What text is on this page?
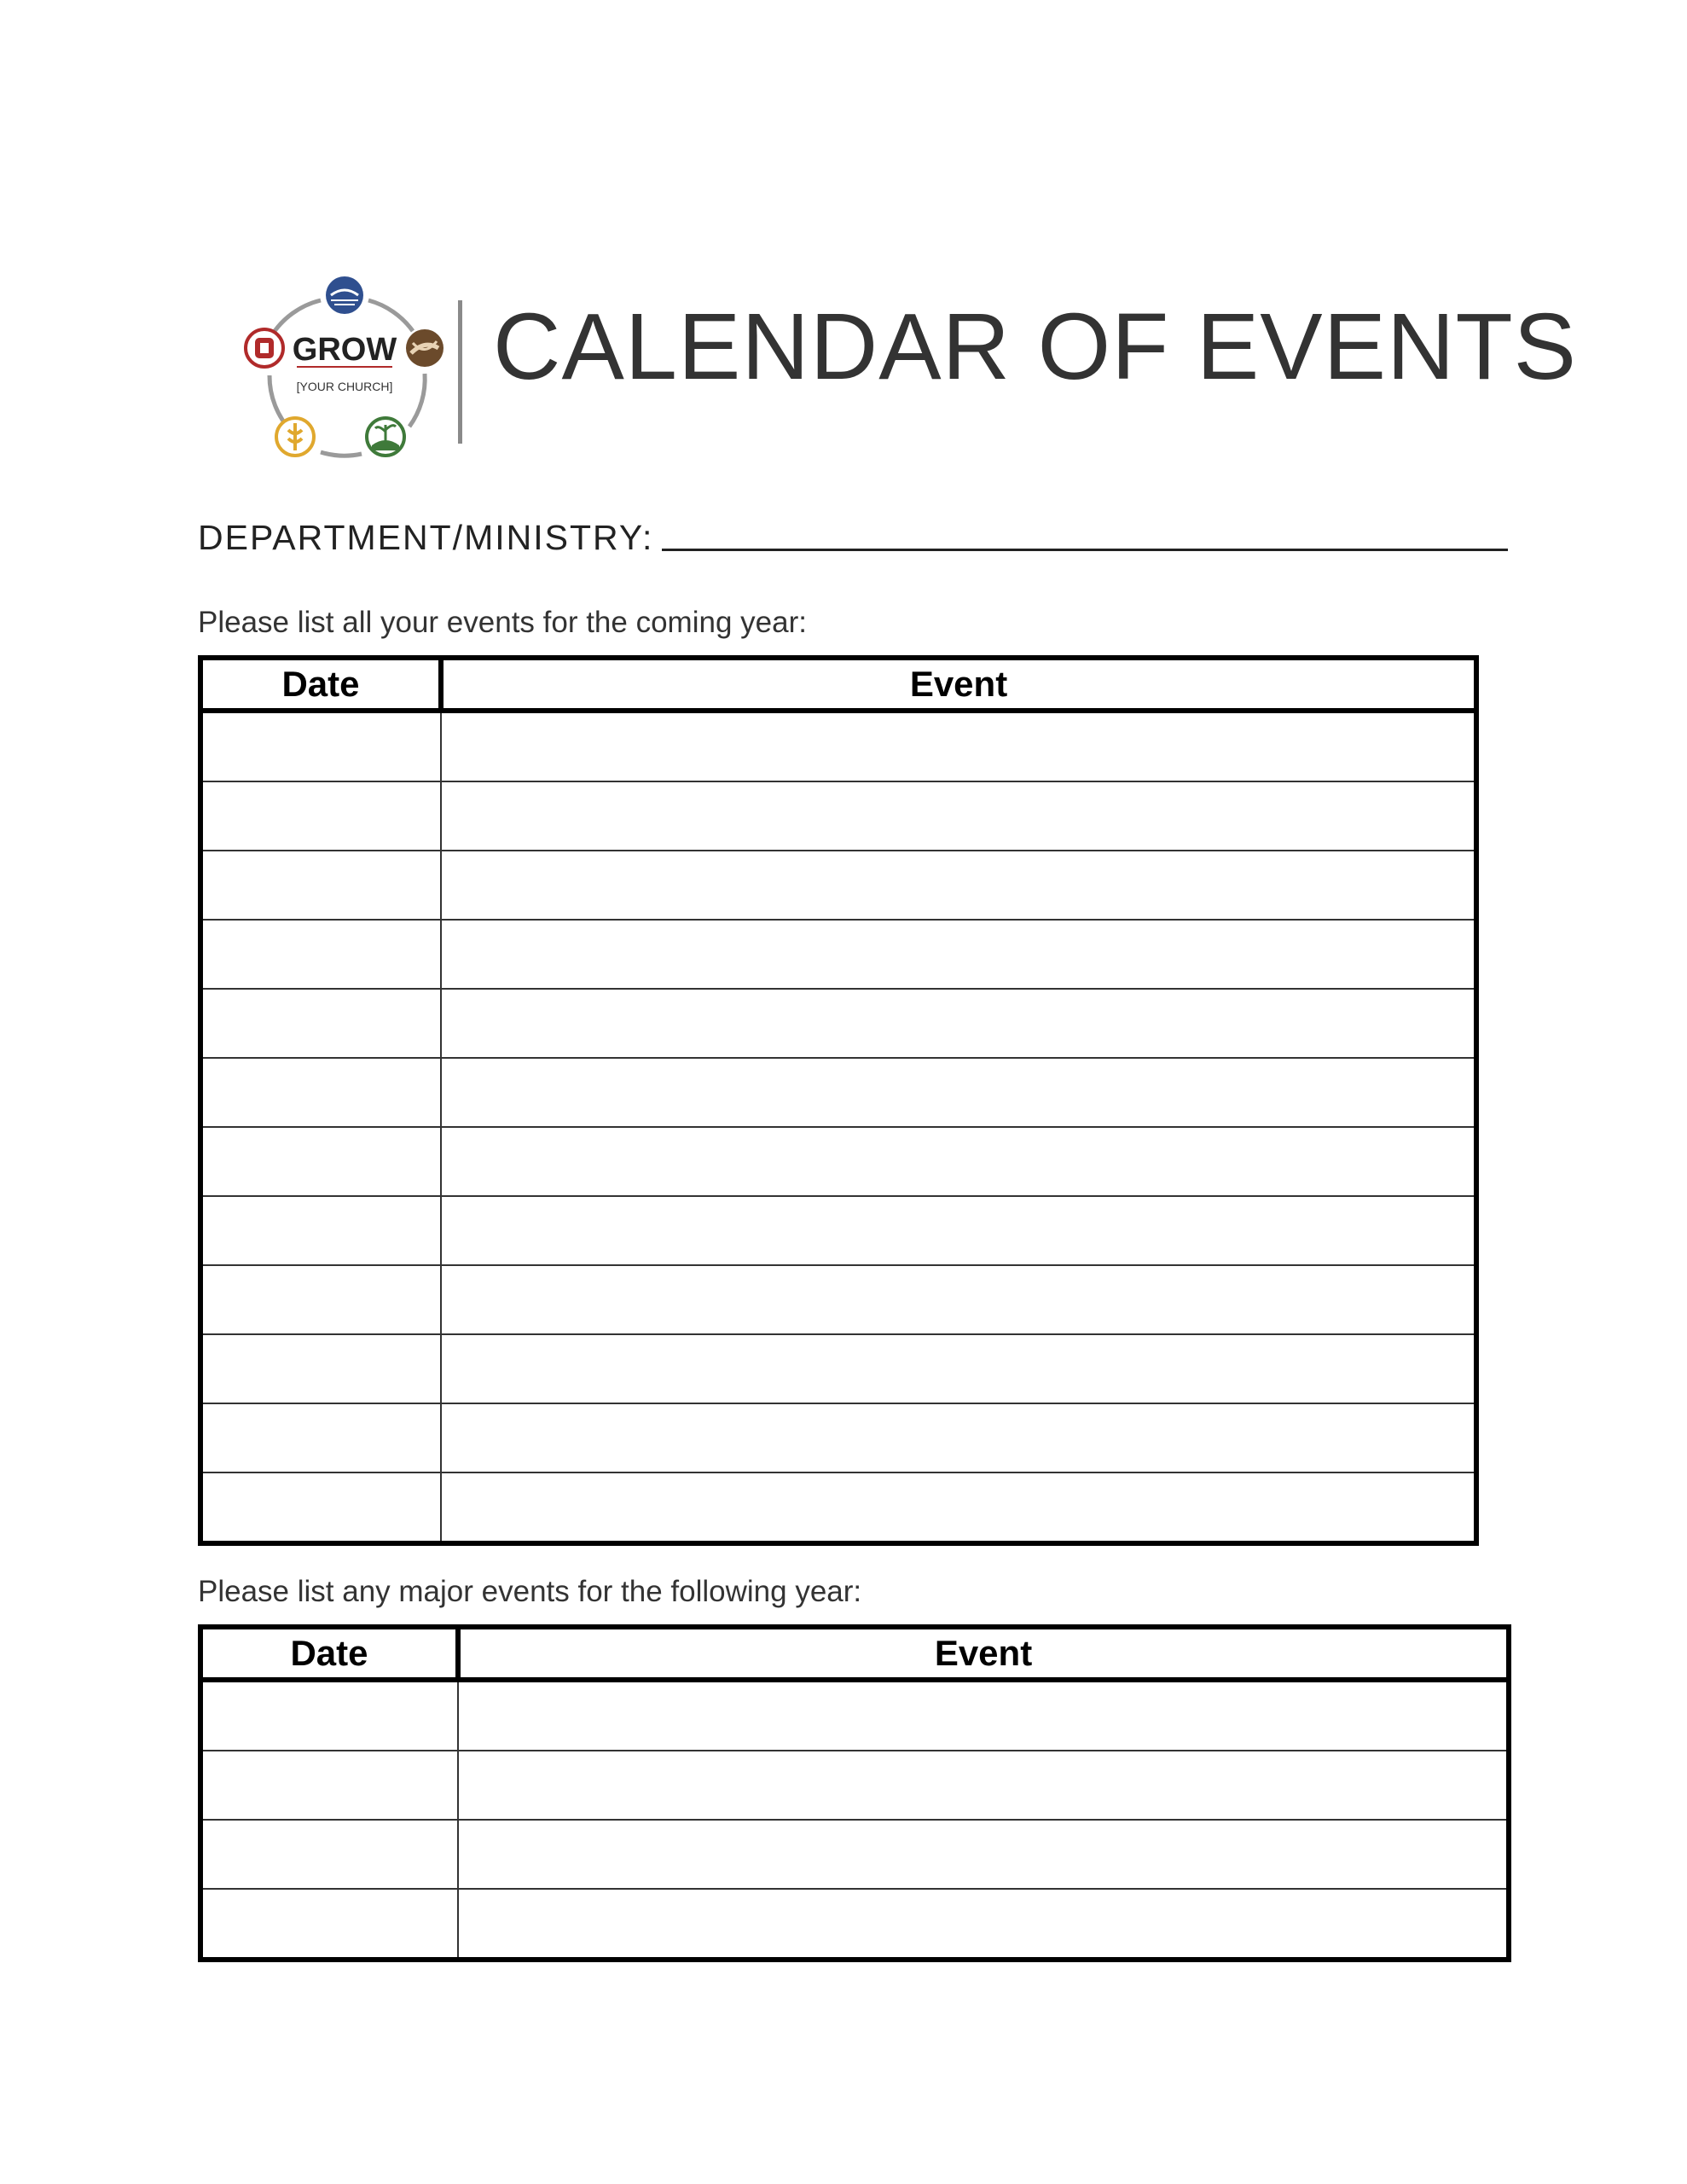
GROW
[YOUR CHURCH] CALENDAR OF EVENTS
DEPARTMENT/MINISTRY:
Please list all your events for the coming year:
Date	Event

Please list any major events for the following year:
Date	Event
